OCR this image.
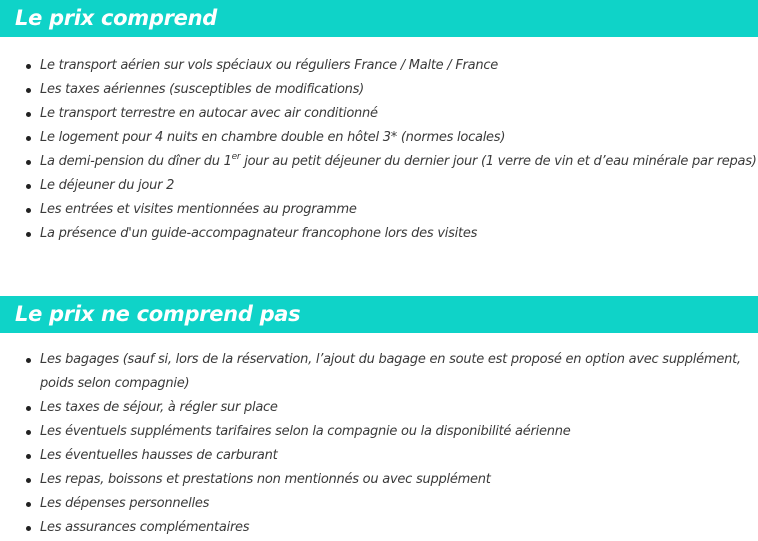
Le prix comprend
Le transport aérien sur vols spéciaux ou réguliers France / Malte / France
Les taxes aériennes (susceptibles de modifications)
Le transport terrestre en autocar avec air conditionné
Le logement pour 4 nuits en chambre double en hôtel 3* (normes locales)
La demi-pension du dîner du 1er jour au petit déjeuner du dernier jour (1 verre de vin et d’eau minérale par repas)
Le déjeuner du jour 2
Les entrées et visites mentionnées au programme
La présence d'un guide-accompagnateur francophone lors des visites
Le prix ne comprend pas
Les bagages (sauf si, lors de la réservation, l’ajout du bagage en soute est proposé en option avec supplément, poids selon compagnie)
Les taxes de séjour, à régler sur place
Les éventuels suppléments tarifaires selon la compagnie ou la disponibilité aérienne
Les éventuelles hausses de carburant
Les repas, boissons et prestations non mentionnés ou avec supplément
Les dépenses personnelles
Les assurances complémentaires
